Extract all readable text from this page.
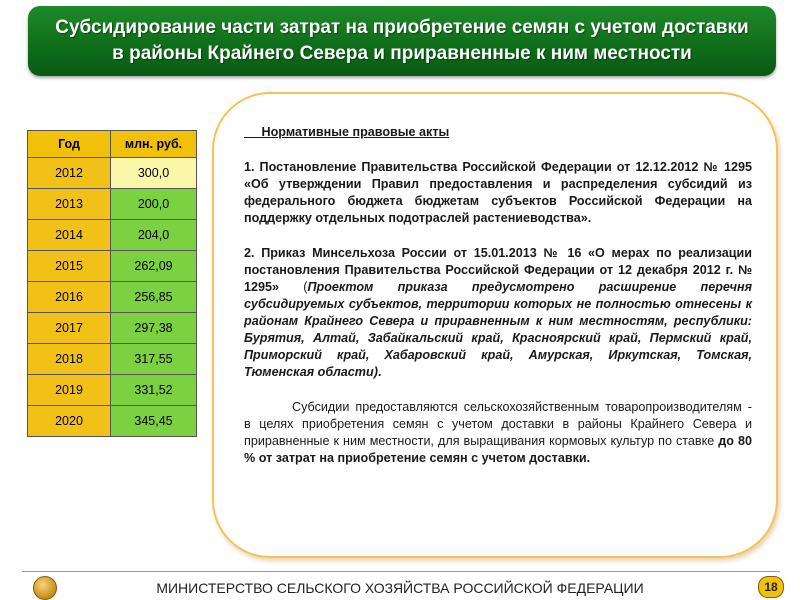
Субсидирование части затрат на приобретение семян с учетом доставки
в районы Крайнего Севера и приравненные к ним местности
Год	млн. руб.
2012	300,0
2013	200,0
2014	204,0
2015	262,09
2016	256,85
2017	297,38
2018	317,55
2019	331,52
2020	345,45
Нормативные правовые акты

1. Постановление Правительства Российской Федерации от 12.12.2012 № 1295 «Об утверждении Правил предоставления и распределения субсидий из федерального бюджета бюджетам субъектов Российской Федерации на поддержку отдельных подотраслей растениеводства».

2. Приказ Минсельхоза России от 15.01.2013 № 16 «О мерах по реализации постановления Правительства Российской Федерации от 12 декабря 2012 г. № 1295» (Проектом приказа предусмотрено расширение перечня субсидируемых субъектов, территории которых не полностью отнесены к районам Крайнего Севера и приравненным к ним местностям, республики: Бурятия, Алтай, Забайкальский край, Красноярский край, Пермский край, Приморский край, Хабаровский край, Амурская, Иркутская, Томская, Тюменская области).

Субсидии предоставляются сельскохозяйственным товаропроизводителям - в целях приобретения семян с учетом доставки в районы Крайнего Севера и приравненные к ним местности, для выращивания кормовых культур по ставке до 80 % от затрат на приобретение семян с учетом доставки.

МИНИСТЕРСТВО СЕЛЬСКОГО ХОЗЯЙСТВА РОССИЙСКОЙ ФЕДЕРАЦИИ	18
